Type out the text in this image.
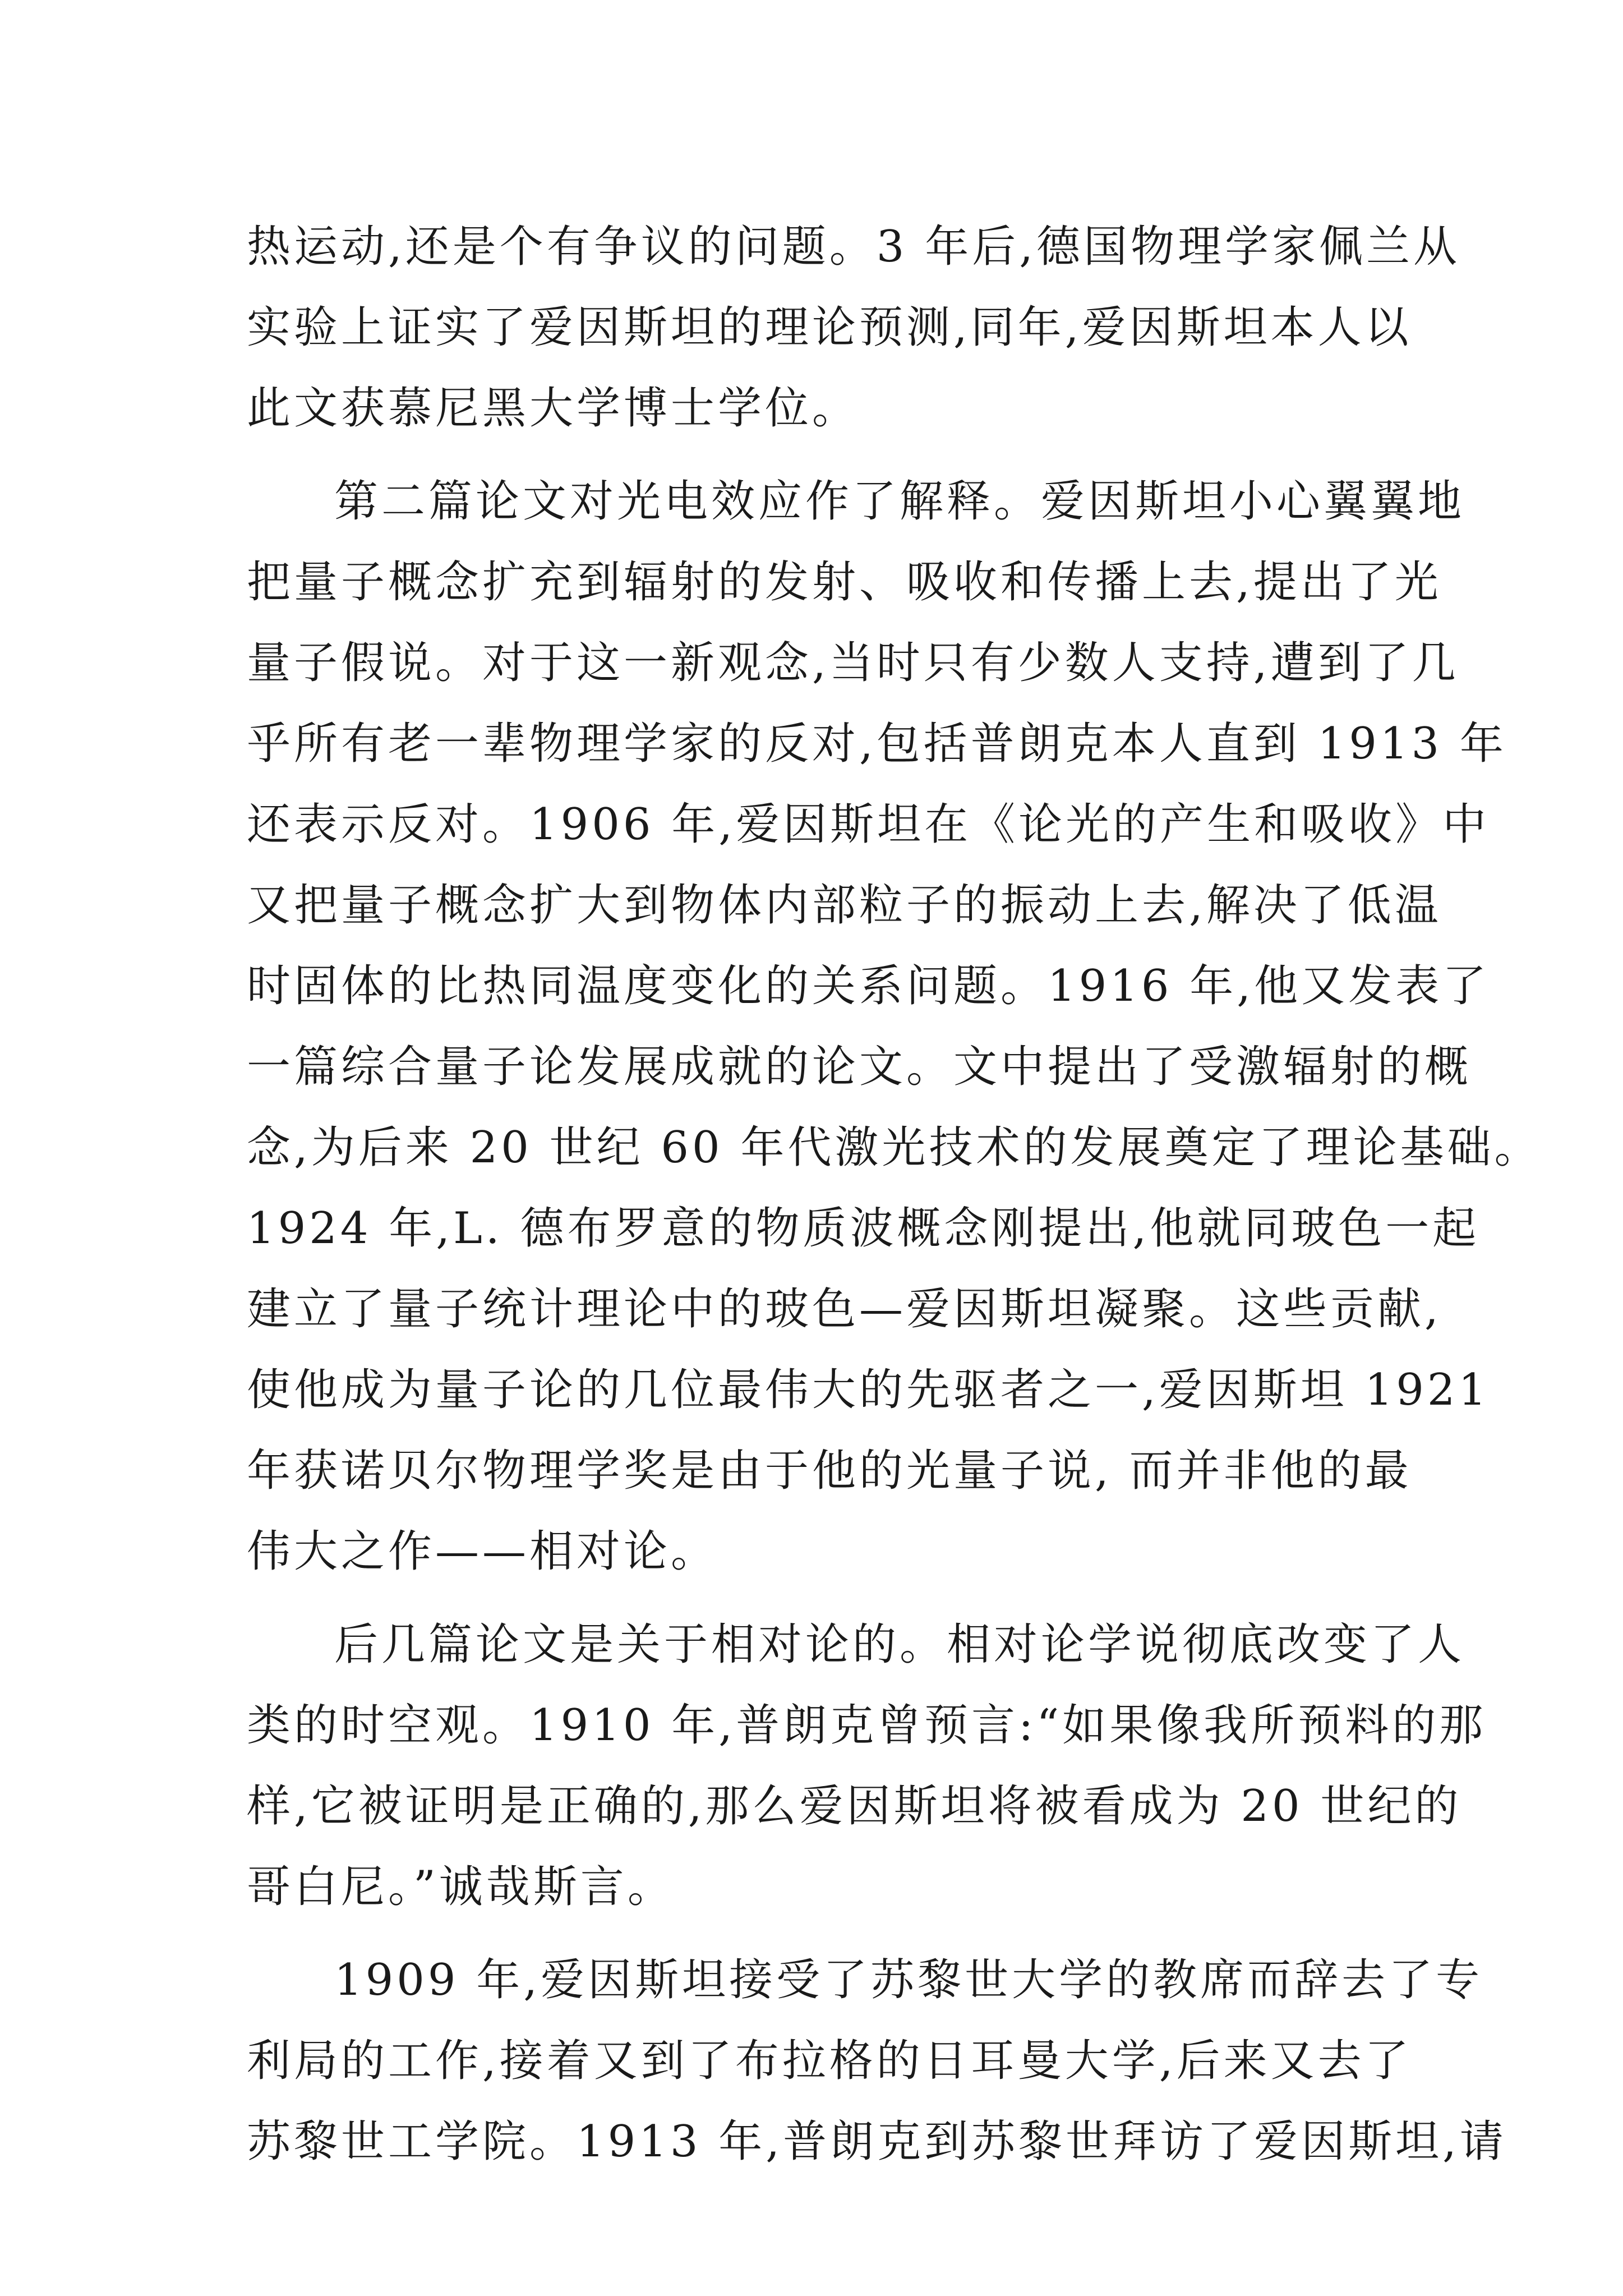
热运动,还是个有争议的问题。3 年后,德国物理学家佩兰从
实验上证实了爱因斯坦的理论预测,同年,爱因斯坦本人以
此文获慕尼黑大学博士学位。
第二篇论文对光电效应作了解释。爱因斯坦小心翼翼地
把量子概念扩充到辐射的发射、吸收和传播上去,提出了光
量子假说。对于这一新观念,当时只有少数人支持,遭到了几
乎所有老一辈物理学家的反对,包括普朗克本人直到 1913 年
还表示反对。1906 年,爱因斯坦在《论光的产生和吸收》中
又把量子概念扩大到物体内部粒子的振动上去,解决了低温
时固体的比热同温度变化的关系问题。1916 年,他又发表了
一篇综合量子论发展成就的论文。文中提出了受激辐射的概
念,为后来 20 世纪 60 年代激光技术的发展奠定了理论基础。
1924 年,L. 德布罗意的物质波概念刚提出,他就同玻色一起
建立了量子统计理论中的玻色—爱因斯坦凝聚。这些贡献,
使他成为量子论的几位最伟大的先驱者之一,爱因斯坦 1921
年获诺贝尔物理学奖是由于他的光量子说, 而并非他的最
伟大之作——相对论。
后几篇论文是关于相对论的。相对论学说彻底改变了人
类的时空观。1910 年,普朗克曾预言:“如果像我所预料的那
样,它被证明是正确的,那么爱因斯坦将被看成为 20 世纪的
哥白尼。”诚哉斯言。
1909 年,爱因斯坦接受了苏黎世大学的教席而辞去了专
利局的工作,接着又到了布拉格的日耳曼大学,后来又去了
苏黎世工学院。1913 年,普朗克到苏黎世拜访了爱因斯坦,请
